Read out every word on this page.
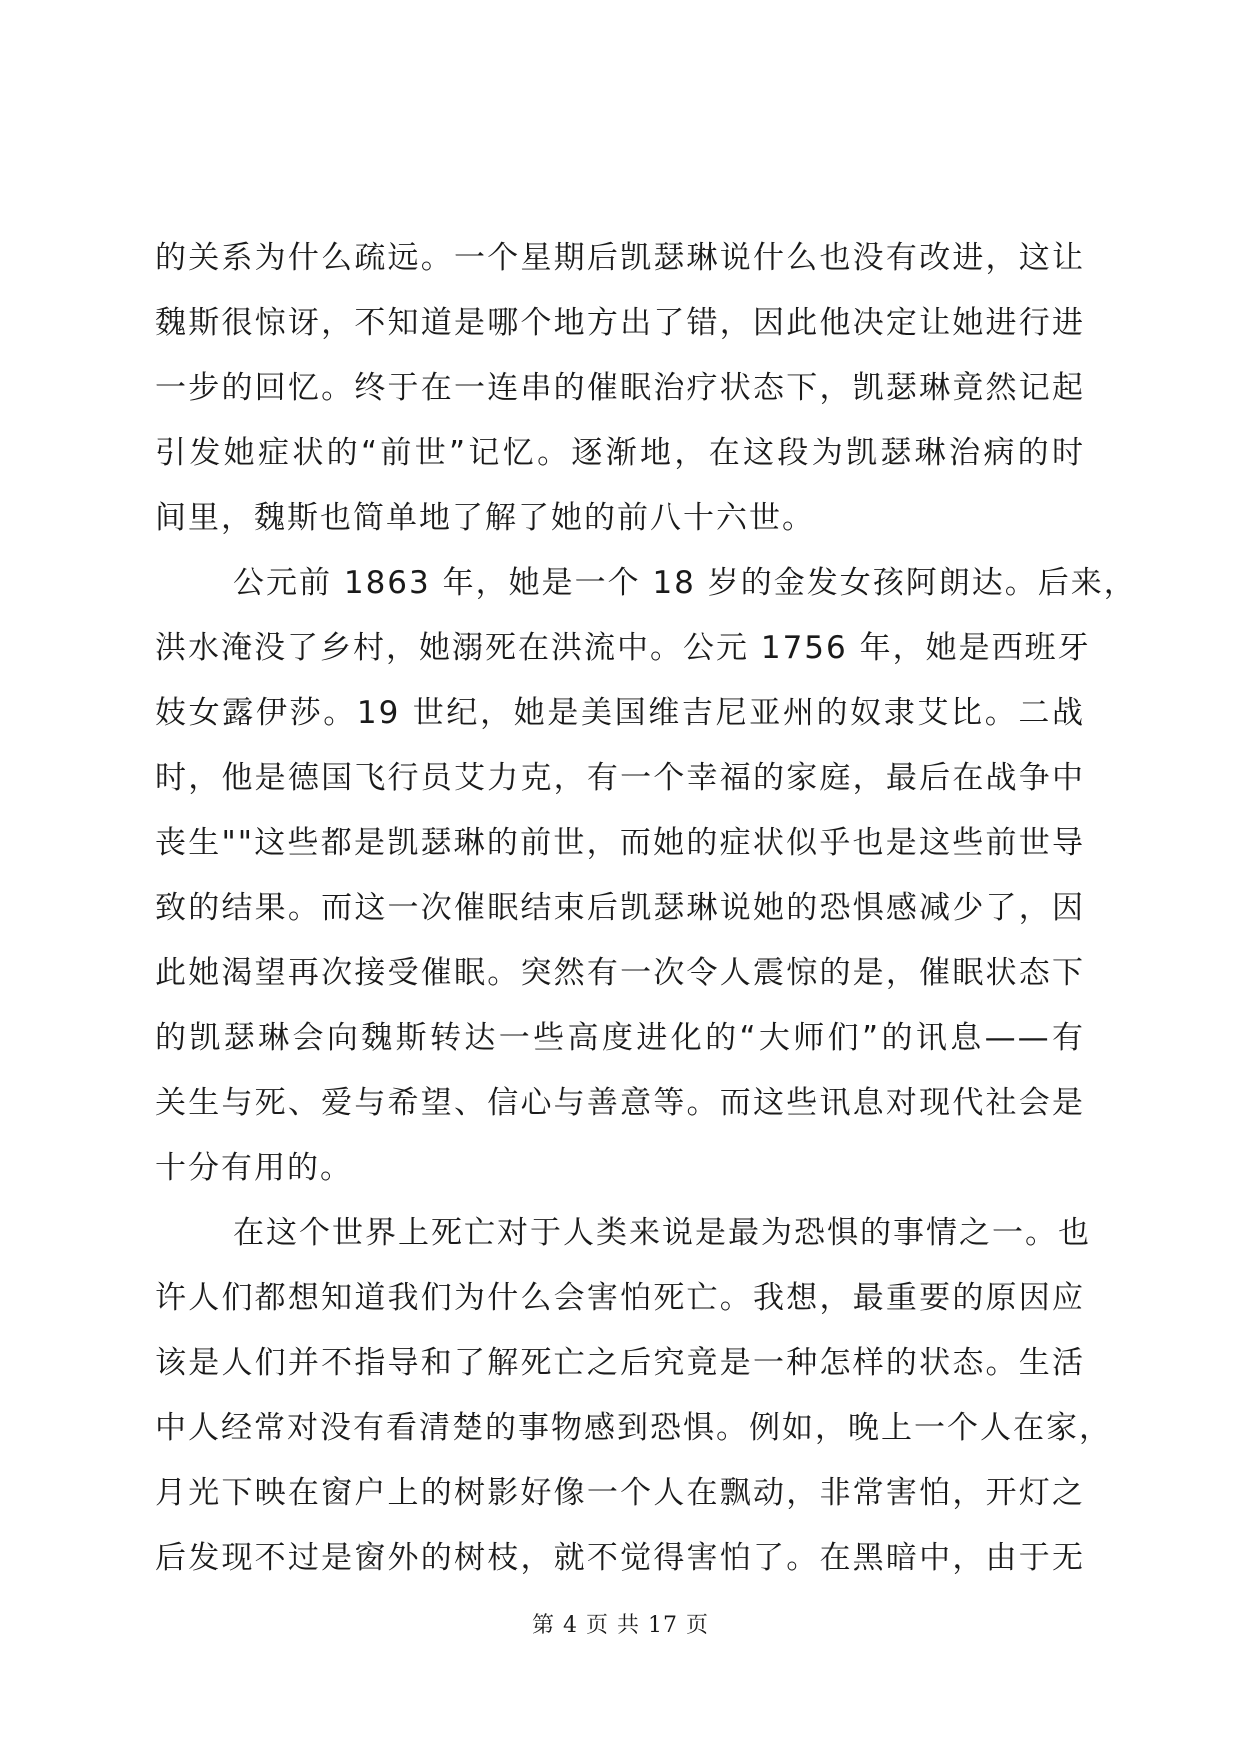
的关系为什么疏远。一个星期后凯瑟琳说什么也没有改进，这让
魏斯很惊讶，不知道是哪个地方出了错，因此他决定让她进行进
一步的回忆。终于在一连串的催眠治疗状态下，凯瑟琳竟然记起
引发她症状的“前世”记忆。逐渐地，在这段为凯瑟琳治病的时
间里，魏斯也简单地了解了她的前八十六世。
公元前 1863 年，她是一个 18 岁的金发女孩阿朗达。后来，
洪水淹没了乡村，她溺死在洪流中。公元 1756 年，她是西班牙
妓女露伊莎。19 世纪，她是美国维吉尼亚州的奴隶艾比。二战
时，他是德国飞行员艾力克，有一个幸福的家庭，最后在战争中
丧生""这些都是凯瑟琳的前世，而她的症状似乎也是这些前世导
致的结果。而这一次催眠结束后凯瑟琳说她的恐惧感减少了，因
此她渴望再次接受催眠。突然有一次令人震惊的是，催眠状态下
的凯瑟琳会向魏斯转达一些高度进化的“大师们”的讯息——有
关生与死、爱与希望、信心与善意等。而这些讯息对现代社会是
十分有用的。
在这个世界上死亡对于人类来说是最为恐惧的事情之一。也
许人们都想知道我们为什么会害怕死亡。我想，最重要的原因应
该是人们并不指导和了解死亡之后究竟是一种怎样的状态。生活
中人经常对没有看清楚的事物感到恐惧。例如，晚上一个人在家，
月光下映在窗户上的树影好像一个人在飘动，非常害怕，开灯之
后发现不过是窗外的树枝，就不觉得害怕了。在黑暗中，由于无
第 4 页 共 17 页
